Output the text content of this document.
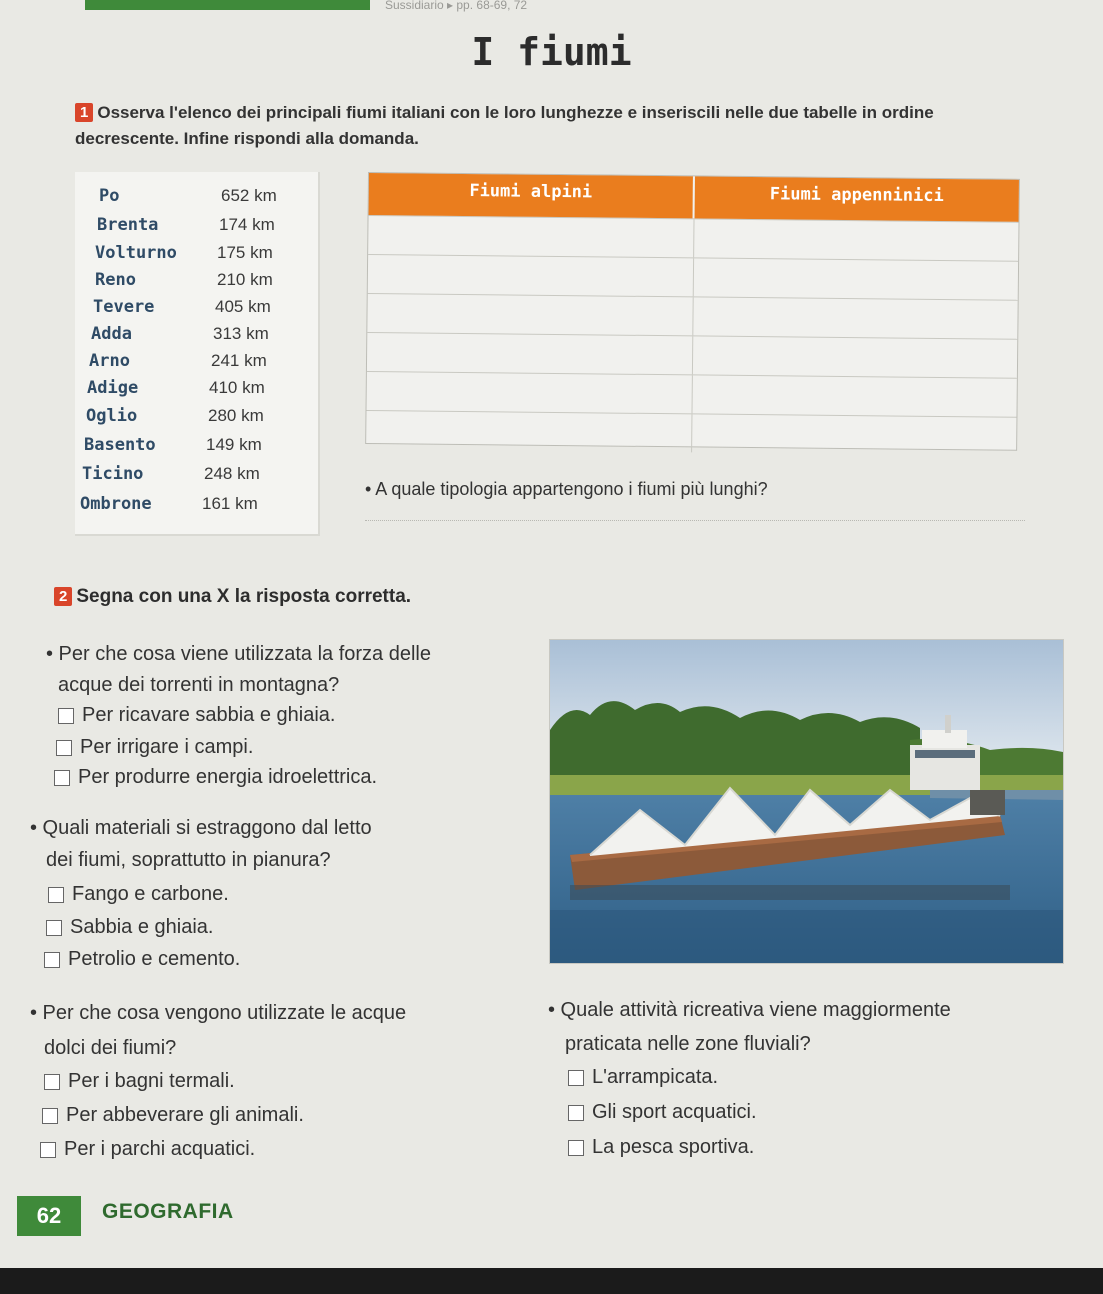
Sussidiario ▸ pp. 68-69, 72
I fiumi
1 Osserva l'elenco dei principali fiumi italiani con le loro lunghezze e inseriscili nelle due tabelle in ordine decrescente. Infine rispondi alla domanda.
Po	652 km
Brenta	174 km
Volturno 175 km
Reno	210 km
Tevere	405 km
Adda	313 km
Arno	241 km
Adige	410 km
Oglio	280 km
Basento	149 km
Ticino	248 km
Ombrone	161 km
Fiumi alpini	Fiumi appenninici
• A quale tipologia appartengono i fiumi più lunghi?
2 Segna con una X la risposta corretta.
• Per che cosa viene utilizzata la forza delle
acque dei torrenti in montagna?
Per ricavare sabbia e ghiaia.
Per irrigare i campi.
Per produrre energia idroelettrica.
• Quali materiali si estraggono dal letto
dei fiumi, soprattutto in pianura?
Fango e carbone.
Sabbia e ghiaia.
Petrolio e cemento.
• Per che cosa vengono utilizzate le acque
dolci dei fiumi?
Per i bagni termali.
Per abbeverare gli animali.
Per i parchi acquatici.
• Quale attività ricreativa viene maggiormente
praticata nelle zone fluviali?
L'arrampicata.
Gli sport acquatici.
La pesca sportiva.
62	GEOGRAFIA
